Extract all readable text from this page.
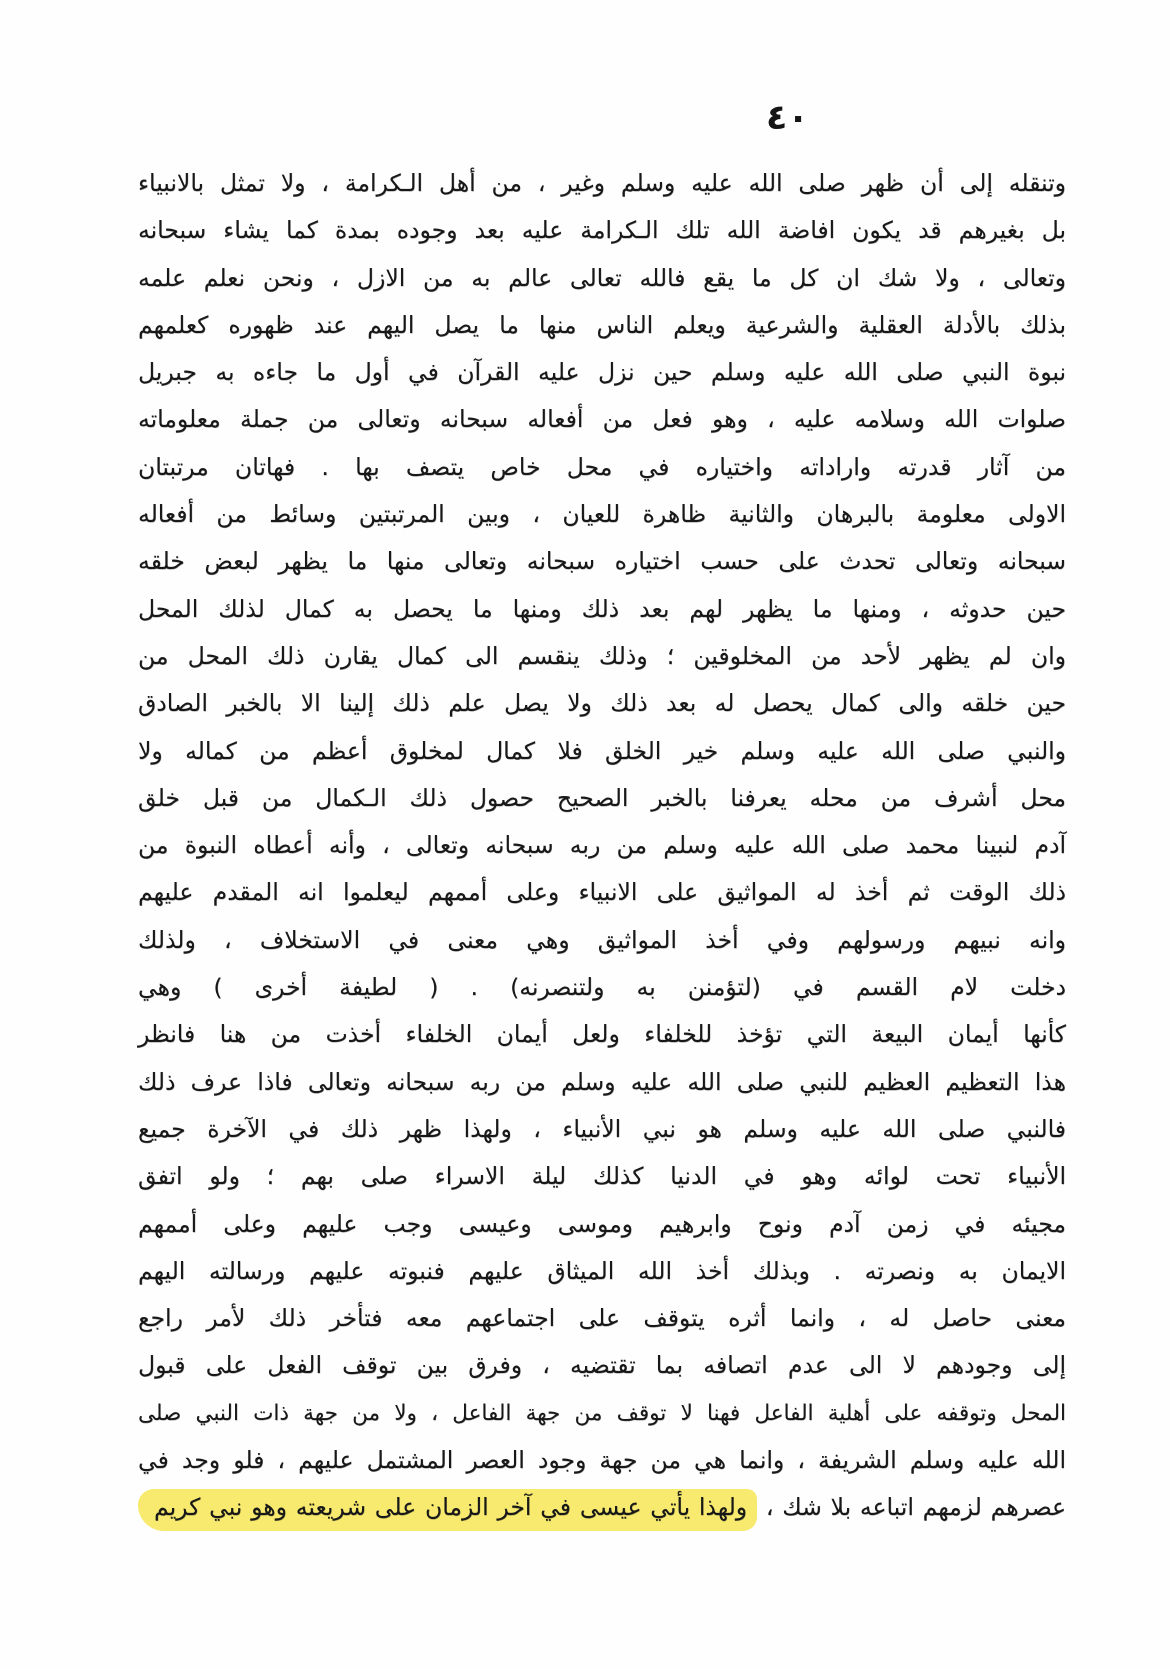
٤٠
وتنقله إلى أن ظهر صلى الله عليه وسلم وغير ، من أهل الـكرامة ، ولا تمثل بالانبياء
بل بغيرهم قد يكون افاضة الله تلك الـكرامة عليه بعد وجوده بمدة كما يشاء سبحانه
وتعالى ، ولا شك ان كل ما يقع فالله تعالى عالم به من الازل ، ونحن نعلم علمه
بذلك بالأدلة العقلية والشرعية ويعلم الناس منها ما يصل اليهم عند ظهوره كعلمهم
نبوة النبي صلى الله عليه وسلم حين نزل عليه القرآن في أول ما جاءه به جبريل
صلوات الله وسلامه عليه ، وهو فعل من أفعاله سبحانه وتعالى من جملة معلوماته
من آثار قدرته واراداته واختياره في محل خاص يتصف بها . فهاتان مرتبتان
الاولى معلومة بالبرهان والثانية ظاهرة للعيان ، وبين المرتبتين وسائط من أفعاله
سبحانه وتعالى تحدث على حسب اختياره سبحانه وتعالى منها ما يظهر لبعض خلقه
حين حدوثه ، ومنها ما يظهر لهم بعد ذلك ومنها ما يحصل به كمال لذلك المحل
وان لم يظهر لأحد من المخلوقين ؛ وذلك ينقسم الى كمال يقارن ذلك المحل من
حين خلقه والى كمال يحصل له بعد ذلك ولا يصل علم ذلك إلينا الا بالخبر الصادق
والنبي صلى الله عليه وسلم خير الخلق فلا كمال لمخلوق أعظم من كماله ولا
محل أشرف من محله يعرفنا بالخبر الصحيح حصول ذلك الـكمال من قبل خلق
آدم لنبينا محمد صلى الله عليه وسلم من ربه سبحانه وتعالى ، وأنه أعطاه النبوة من
ذلك الوقت ثم أخذ له المواثيق على الانبياء وعلى أممهم ليعلموا انه المقدم عليهم
وانه نبيهم ورسولهم وفي أخذ المواثيق وهي معنى في الاستخلاف ، ولذلك
دخلت لام القسم في (لتؤمنن به ولتنصرنه) . ( لطيفة أخرى ) وهي
كأنها أيمان البيعة التي تؤخذ للخلفاء ولعل أيمان الخلفاء أخذت من هنا فانظر
هذا التعظيم العظيم للنبي صلى الله عليه وسلم من ربه سبحانه وتعالى فاذا عرف ذلك
فالنبي صلى الله عليه وسلم هو نبي الأنبياء ، ولهذا ظهر ذلك في الآخرة جميع
الأنبياء تحت لوائه وهو في الدنيا كذلك ليلة الاسراء صلى بهم ؛ ولو اتفق
مجيئه في زمن آدم ونوح وابرهيم وموسى وعيسى وجب عليهم وعلى أممهم
الايمان به ونصرته . وبذلك أخذ الله الميثاق عليهم فنبوته عليهم ورسالته اليهم
معنى حاصل له ، وانما أثره يتوقف على اجتماعهم معه فتأخر ذلك لأمر راجع
إلى وجودهم لا الى عدم اتصافه بما تقتضيه ، وفرق بين توقف الفعل على قبول
المحل وتوقفه على أهلية الفاعل فهنا لا توقف من جهة الفاعل ، ولا من جهة ذات النبي صلى
الله عليه وسلم الشريفة ، وانما هي من جهة وجود العصر المشتمل عليهم ، فلو وجد في
عصرهم لزمهم اتباعه بلا شك ، ولهذا يأتي عيسى في آخر الزمان على شريعته وهو نبي كريم
